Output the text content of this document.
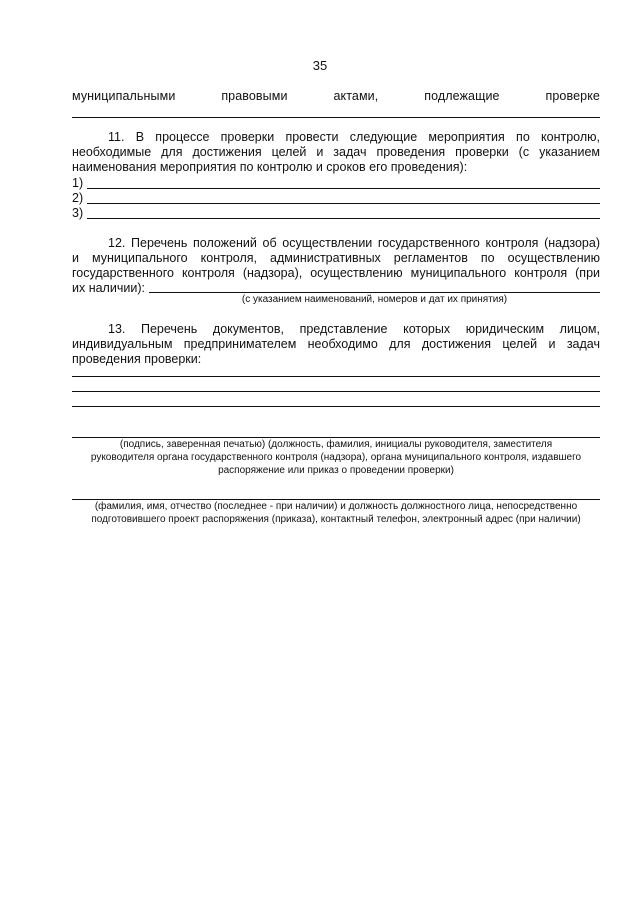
35
муниципальными	правовыми	актами,	подлежащие	проверке
11. В процессе проверки провести следующие мероприятия по контролю,
необходимые для достижения целей и задач проведения проверки (с указанием
наименования мероприятия по контролю и сроков его проведения):
1)
2)
3)
12. Перечень положений об осуществлении государственного контроля (надзора)
и муниципального контроля, административных регламентов по осуществлению
государственного контроля (надзора), осуществлению муниципального контроля (при
их наличии):
(с указанием наименований, номеров и дат их принятия)
13. Перечень документов, представление которых юридическим лицом,
индивидуальным предпринимателем необходимо для достижения целей и задач
проведения проверки:
(подпись, заверенная печатью) (должность, фамилия, инициалы руководителя, заместителя
руководителя органа государственного контроля (надзора), органа муниципального контроля, издавшего
распоряжение или приказ о проведении проверки)
(фамилия, имя, отчество (последнее - при наличии) и должность должностного лица, непосредственно
подготовившего проект распоряжения (приказа), контактный телефон, электронный адрес (при наличии)
